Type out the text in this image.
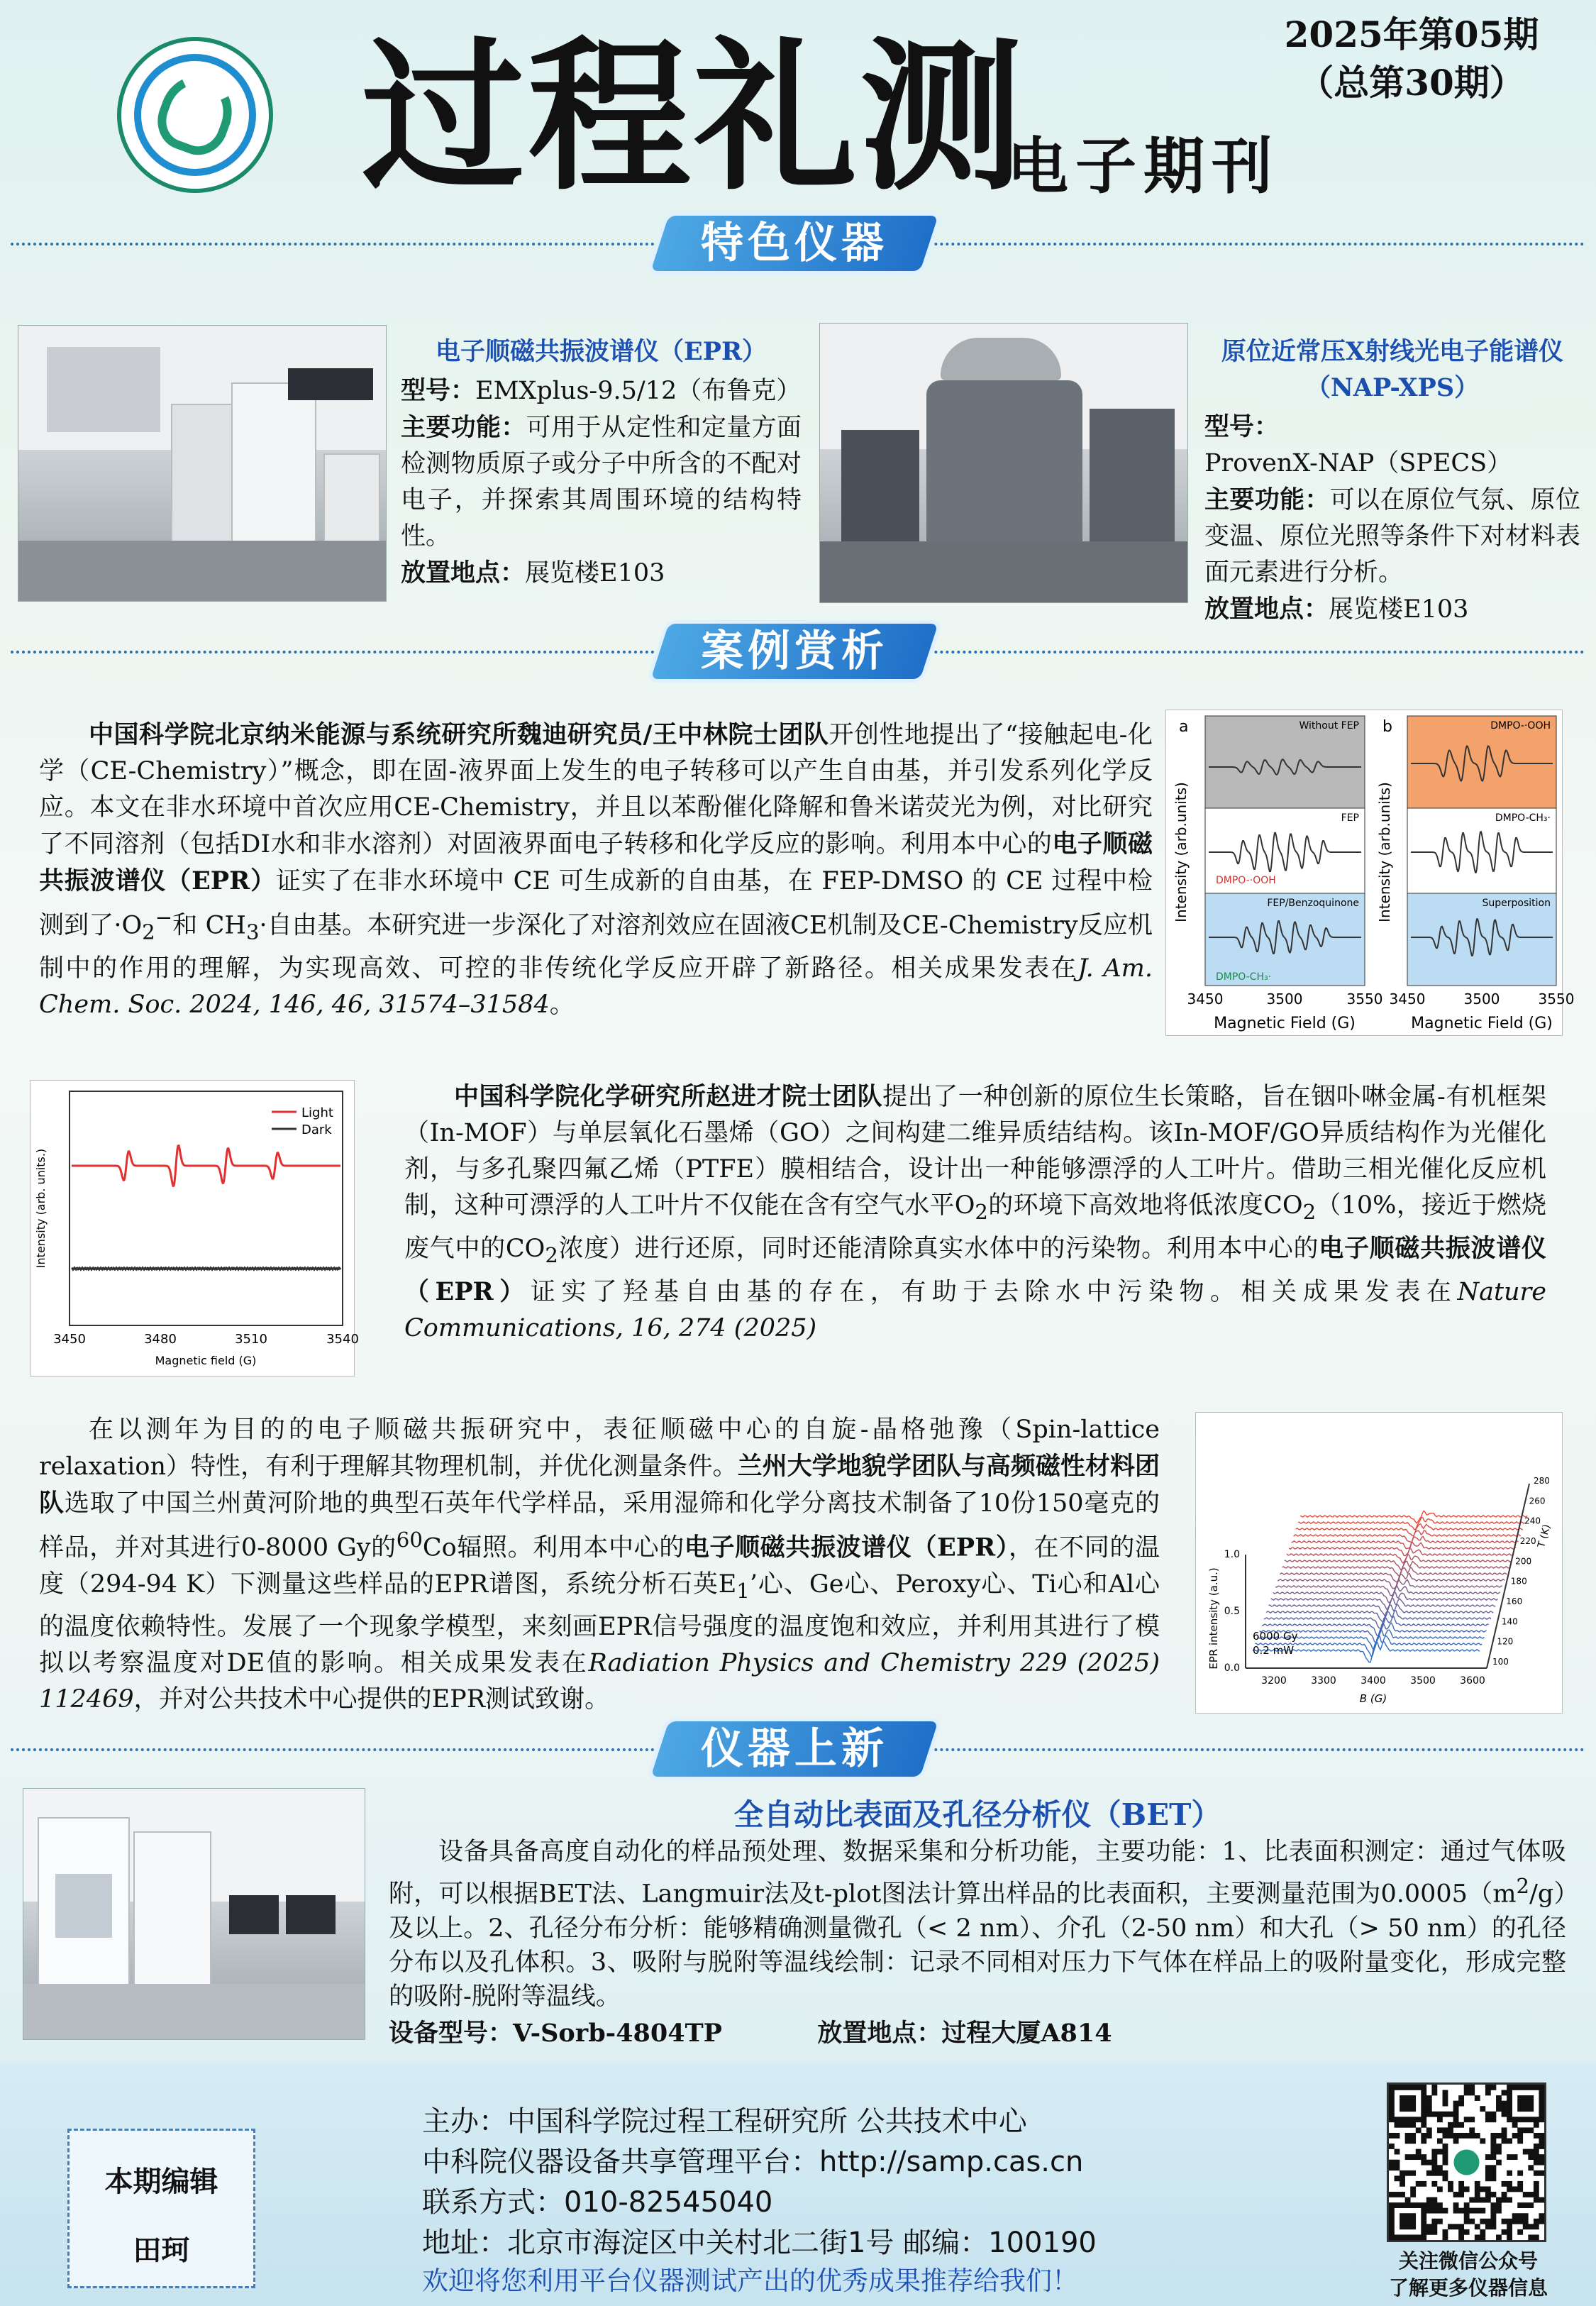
过程礼测
电子期刊
2025年第05期
（总第30期）
特色仪器
电子顺磁共振波谱仪（EPR）
型号：EMXplus-9.5/12（布鲁克）
主要功能：可用于从定性和定量方面检测物质原子或分子中所含的不配对电子，并探索其周围环境的结构特性。
放置地点：展览楼E103
原位近常压X射线光电子能谱仪
（NAP-XPS）
型号：ProvenX-NAP（SPECS）
主要功能：可以在原位气氛、原位变温、原位光照等条件下对材料表面元素进行分析。
放置地点：展览楼E103
案例赏析
中国科学院北京纳米能源与系统研究所魏迪研究员/王中林院士团队开创性地提出了“接触起电-化学（CE-Chemistry）”概念，即在固-液界面上发生的电子转移可以产生自由基，并引发系列化学反应。本文在非水环境中首次应用CE-Chemistry，并且以苯酚催化降解和鲁米诺荧光为例，对比研究了不同溶剂（包括DI水和非水溶剂）对固液界面电子转移和化学反应的影响。利用本中心的电子顺磁共振波谱仪（EPR）证实了在非水环境中 CE 可生成新的自由基，在 FEP-DMSO 的 CE 过程中检测到了$\cdot O_2^-$和 $CH_3\cdot$自由基。本研究进一步深化了对溶剂效应在固液CE机制及CE-Chemistry反应机制中的作用的理解，为实现高效、可控的非传统化学反应开辟了新路径。相关成果发表在J. Am. Chem. Soc. 2024, 146, 46, 31574–31584。
a	b
Without FEP
FEP
FEP/Benzoquinone
DMPO-·OOH
DMPO-CH₃·
DMPO-·OOH
DMPO-CH₃·
Superposition
Intensity (arb.units)	Intensity (arb.units)
3450	3500	3550 3450	3500	3550
Magnetic Field (G)	Magnetic Field (G)
Light
Dark
Intensity (arb. units.)
3450	3480	3510	3540
Magnetic field (G)
中国科学院化学研究所赵进才院士团队提出了一种创新的原位生长策略，旨在铟卟啉金属-有机框架（In-MOF）与单层氧化石墨烯（GO）之间构建二维异质结结构。该In-MOF/GO异质结构作为光催化剂，与多孔聚四氟乙烯（PTFE）膜相结合，设计出一种能够漂浮的人工叶片。借助三相光催化反应机制，这种可漂浮的人工叶片不仅能在含有空气水平$O_2$的环境下高效地将低浓度$CO_2(10\%$，接近于燃烧废气中的$CO_2$浓度）进行还原，同时还能清除真实水体中的污染物。利用本中心的电子顺磁共振波谱仪（EPR）证实了羟基自由基的存在，有助于去除水中污染物。相关成果发表在Nature Communications, 16, 274 (2025)
在以测年为目的的电子顺磁共振研究中，表征顺磁中心的自旋-晶格弛豫（Spin-lattice relaxation）特性，有利于理解其物理机制，并优化测量条件。兰州大学地貌学团队与高频磁性材料团队选取了中国兰州黄河阶地的典型石英年代学样品，采用湿筛和化学分离技术制备了10份150毫克的样品，并对其进行0-8000 Gy的$^{60}$Co辐照。利用本中心的电子顺磁共振波谱仪（EPR），在不同的温度（294-94 K）下测量这些样品的EPR谱图，系统分析石英$E_1$’心、Ge心、Peroxy心、Ti心和Al心的温度依赖特性。发展了一个现象学模型，来刻画EPR信号强度的温度饱和效应，并利用其进行了模拟以考察温度对DE值的影响。相关成果发表在Radiation Physics and Chemistry 229 (2025) 112469，并对公共技术中心提供的EPR测试致谢。
EPR intensity (a.u.) 0.0
0.5
1.0
3200 3300 3400 3500 3600
B (G)
100
120
140
160
180
200
220
240
260
280
T (K)
6000 Gy
0.2 mW
仪器上新
全自动比表面及孔径分析仪（BET）
设备具备高度自动化的样品预处理、数据采集和分析功能，主要功能：1、比表面积测定：通过气体吸附，可以根据BET法、Langmuir法及t-plot图法计算出样品的比表面积，主要测量范围为$0.0005(m^2/g)$及以上。2、孔径分布分析：能够精确测量微孔（< 2 nm）、介孔（2-50 nm）和大孔（> 50 nm）的孔径分布以及孔体积。3、吸附与脱附等温线绘制：记录不同相对压力下气体在样品上的吸附量变化，形成完整的吸附-脱附等温线。
设备型号：V-Sorb-4804TP	放置地点：过程大厦A814
本期编辑
田珂
主办：中国科学院过程工程研究所 公共技术中心
中科院仪器设备共享管理平台：http://samp.cas.cn
联系方式：010-82545040
地址：北京市海淀区中关村北二街1号 邮编：100190
欢迎将您利用平台仪器测试产出的优秀成果推荐给我们！
关注微信公众号
了解更多仪器信息
